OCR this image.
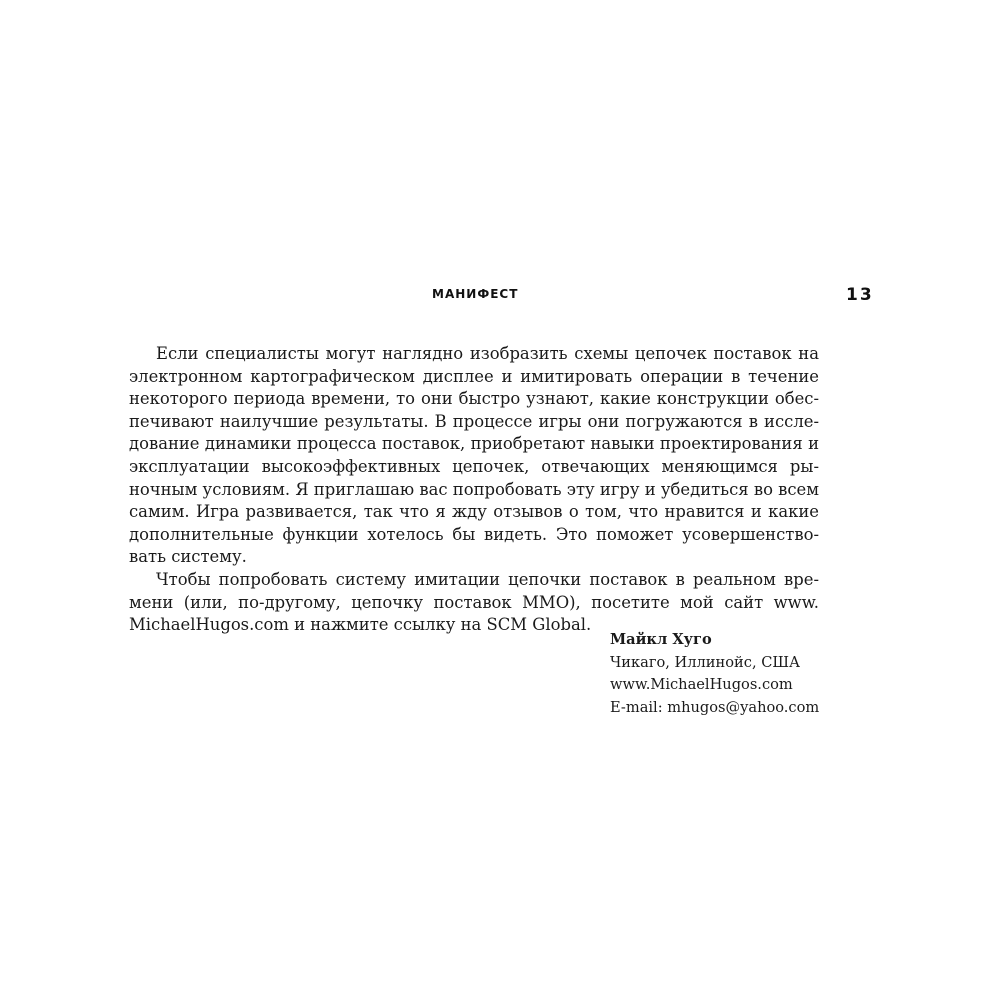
МАНИФЕСТ	13

Если специалисты могут наглядно изобразить схемы цепочек поставок на электронном картографическом дисплее и имитировать операции в течение некоторого периода времени, то они быстро узнают, какие конструкции обеспечивают наилучшие результаты. В процессе игры они погружаются в исследование динамики процесса поставок, приобретают навыки проектирования и эксплуатации высокоэффективных цепочек, отвечающих меняющимся рыночным условиям. Я приглашаю вас попробовать эту игру и убедиться во всем самим. Игра развивается, так что я жду отзывов о том, что нравится и какие дополнительные функции хотелось бы видеть. Это поможет усовершенствовать систему.

Чтобы попробовать систему имитации цепочки поставок в реальном времени (или, по-другому, цепочку поставок MMO), посетите мой сайт www. MichaelHugos.com и нажмите ссылку на SCM Global.

Майкл Хуго
Чикаго, Иллинойс, США
www.MichaelHugos.com
E-mail: mhugos@yahoo.com
